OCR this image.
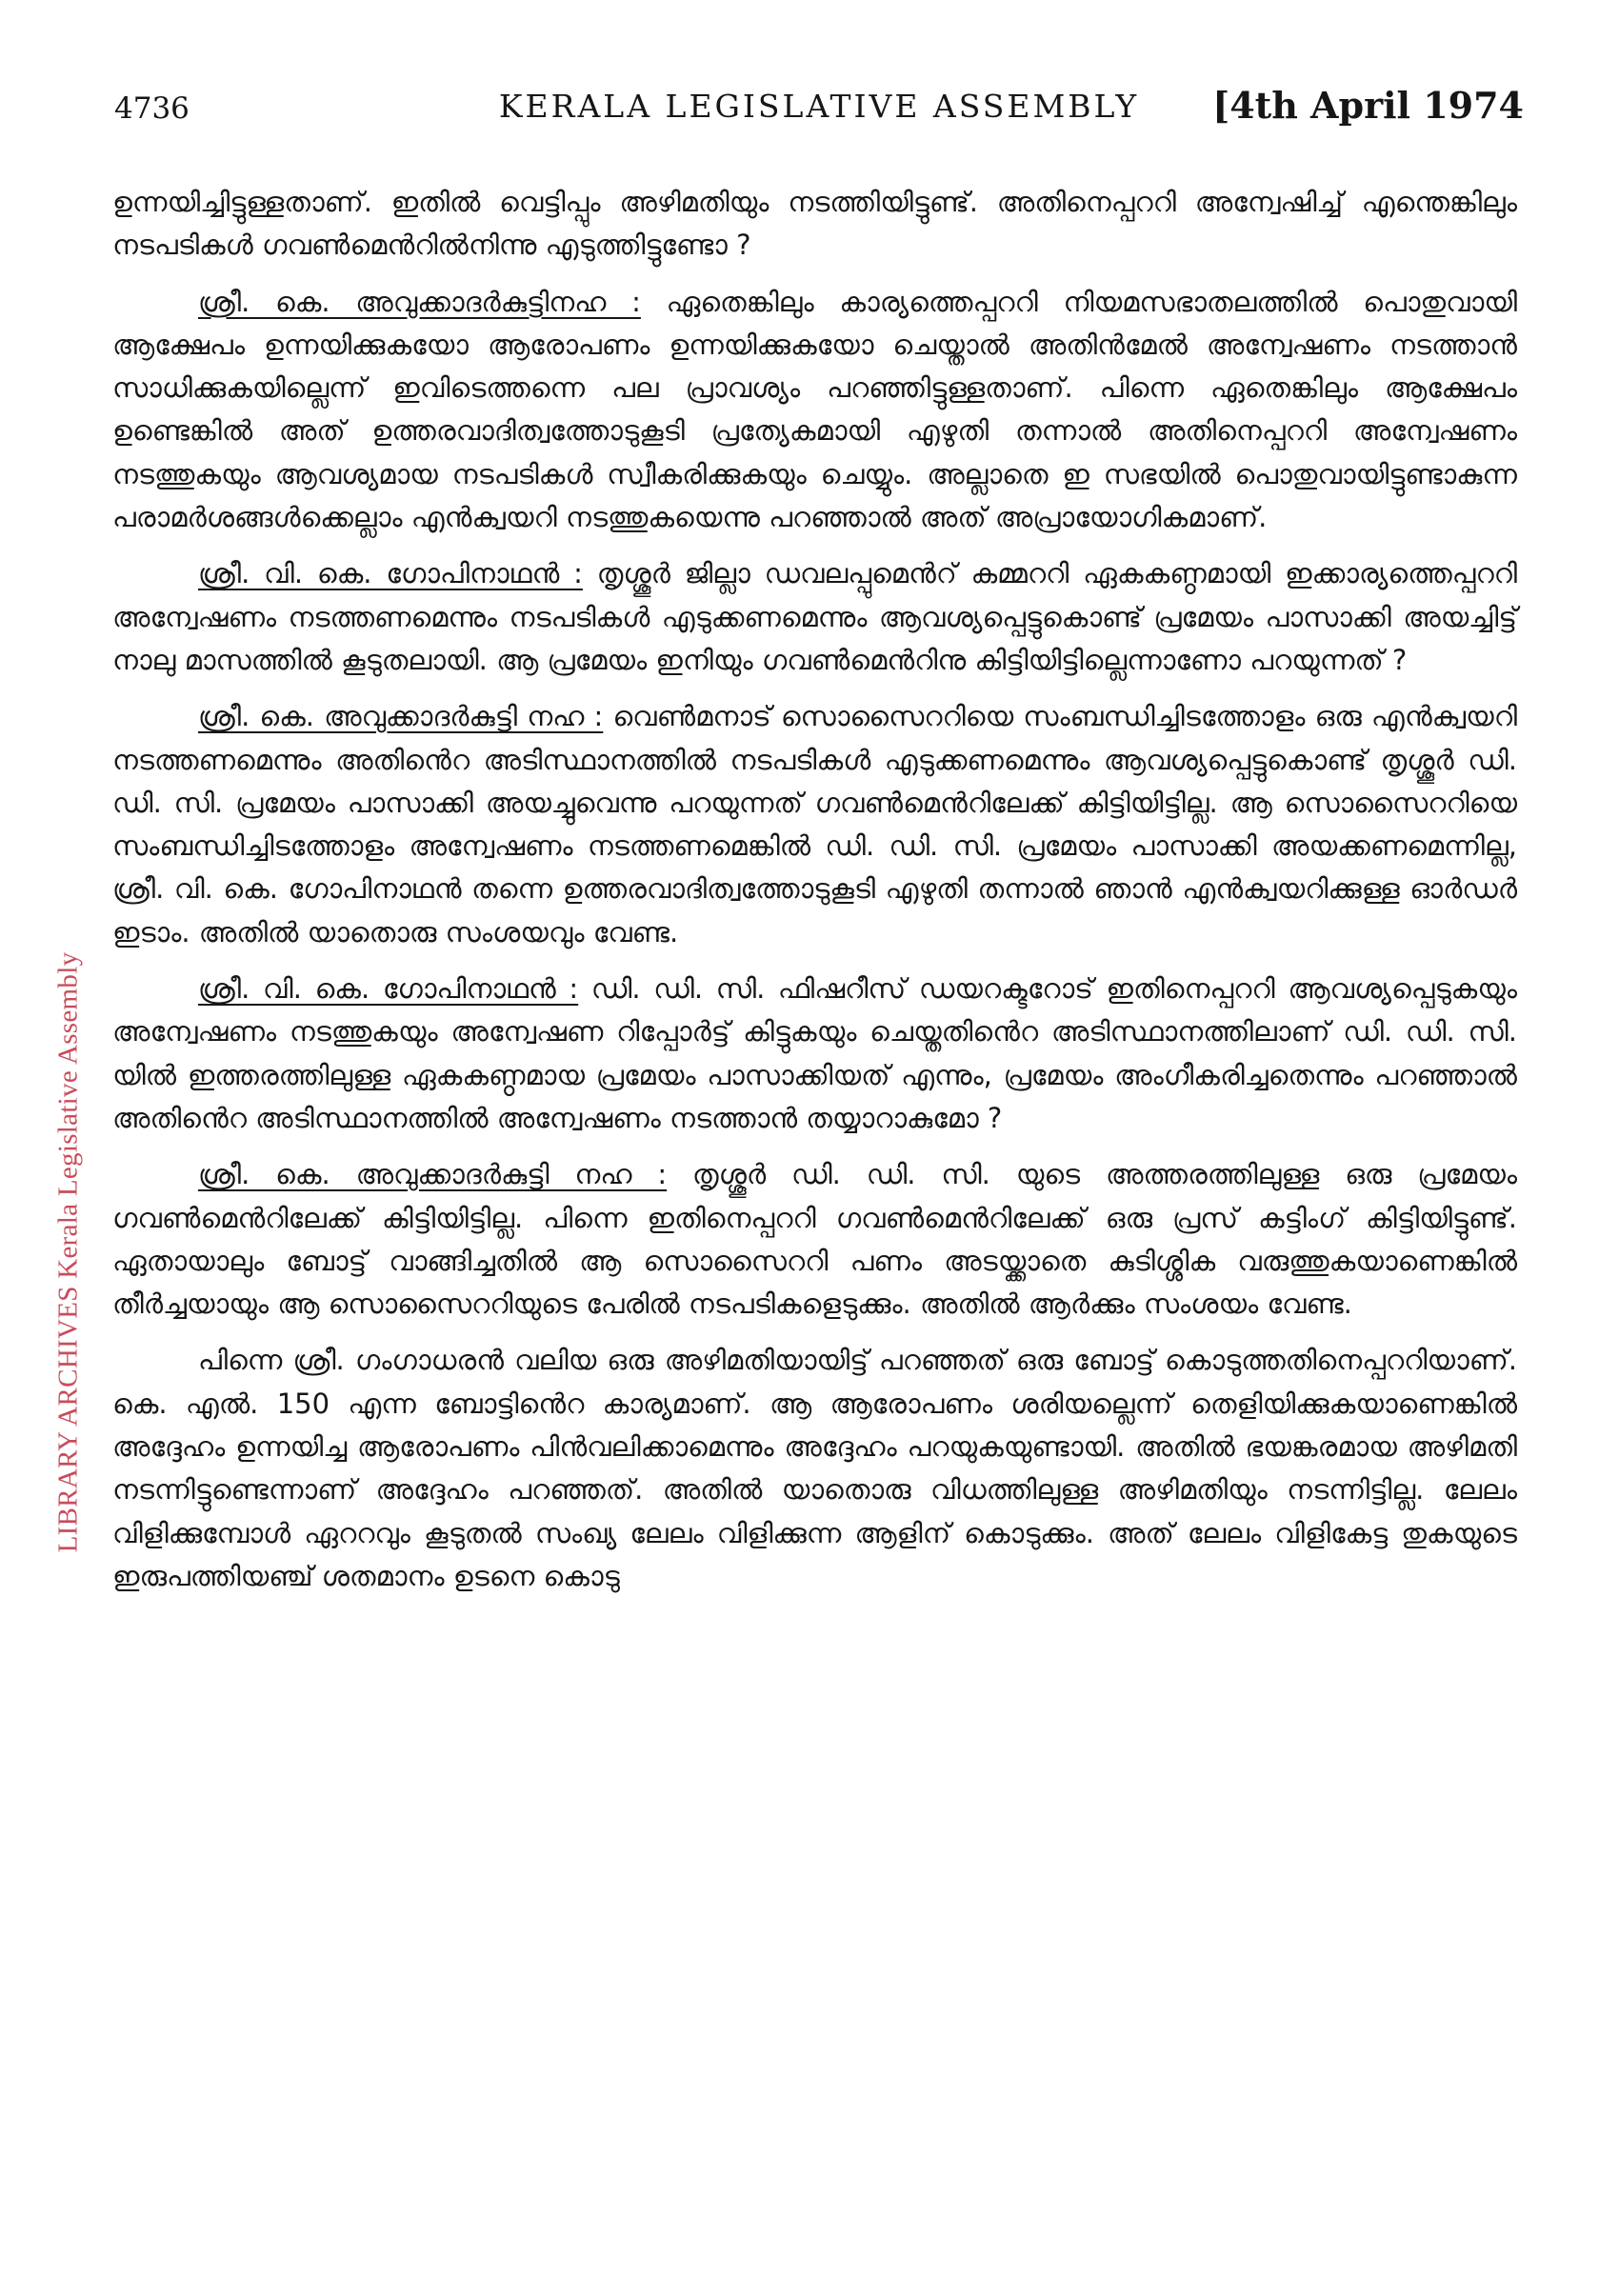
4736	KERALA LEGISLATIVE ASSEMBLY	[4th April 1974
LIBRARY ARCHIVES Kerala Legislative Assembly

ഉന്നയിച്ചിട്ടുള്ളതാണ്. ഇതിൽ വെട്ടിപ്പും അഴിമതിയും നടത്തിയിട്ടുണ്ട്. അതിനെപ്പററി അന്വേഷിച്ച് എന്തെങ്കിലും നടപടികൾ ഗവൺമെൻറിൽനിന്നു എടുത്തിട്ടുണ്ടോ ?

ശ്രീ. കെ. അവുക്കാദർകുട്ടിനഹ : ഏതെങ്കിലും കാര്യത്തെപ്പററി നിയമസഭാതലത്തിൽ പൊതുവായി ആക്ഷേപം ഉന്നയിക്കുകയോ ആരോപണം ഉന്നയിക്കുകയോ ചെയ്താൽ അതിൻമേൽ അന്വേഷണം നടത്താൻ സാധിക്കുകയില്ലെന്ന് ഇവിടെത്തന്നെ പല പ്രാവശ്യം പറഞ്ഞിട്ടുള്ളതാണ്. പിന്നെ ഏതെങ്കിലും ആക്ഷേപം ഉണ്ടെങ്കിൽ അത് ഉത്തരവാദിത്വത്തോടുകൂടി പ്രത്യേകമായി എഴുതി തന്നാൽ അതിനെപ്പററി അന്വേഷണം നടത്തുകയും ആവശ്യമായ നടപടികൾ സ്വീകരിക്കുകയും ചെയ്യും. അല്ലാതെ ഇ സഭയിൽ പൊതുവായിട്ടുണ്ടാകുന്ന പരാമർശങ്ങൾക്കെല്ലാം എൻക്വയറി നടത്തുകയെന്നു പറഞ്ഞാൽ അത് അപ്രായോഗികമാണ്.

ശ്രീ. വി. കെ. ഗോപിനാഥൻ : തൃശ്ശൂർ ജില്ലാ ഡവലപ്പുമെൻറ് കമ്മററി ഏകകണ്ഠമായി ഇക്കാര്യത്തെപ്പററി അന്വേഷണം നടത്തണമെന്നും നടപടികൾ എടുക്കണമെന്നും ആവശ്യപ്പെട്ടുകൊണ്ട് പ്രമേയം പാസാക്കി അയച്ചിട്ട് നാലു മാസത്തിൽ കൂടുതലായി. ആ പ്രമേയം ഇനിയും ഗവൺമെൻറിനു കിട്ടിയിട്ടില്ലെന്നാണോ പറയുന്നത് ?

ശ്രീ. കെ. അവുക്കാദർകുട്ടി നഹ : വെൺമനാട് സൊസൈററിയെ സംബന്ധിച്ചിടത്തോളം ഒരു എൻക്വയറി നടത്തണമെന്നും അതിൻെറ അടിസ്ഥാനത്തിൽ നടപടികൾ എടുക്കണമെന്നും ആവശ്യപ്പെട്ടുകൊണ്ട് തൃശ്ശൂർ ഡി. ഡി. സി. പ്രമേയം പാസാക്കി അയച്ചുവെന്നു പറയുന്നത് ഗവൺമെൻറിലേക്ക് കിട്ടിയിട്ടില്ല. ആ സൊസൈററിയെ സംബന്ധിച്ചിടത്തോളം അന്വേഷണം നടത്തണമെങ്കിൽ ഡി. ഡി. സി. പ്രമേയം പാസാക്കി അയക്കണമെന്നില്ല, ശ്രീ. വി. കെ. ഗോപിനാഥൻ തന്നെ ഉത്തരവാദിത്വത്തോടുകൂടി എഴുതി തന്നാൽ ഞാൻ എൻക്വയറിക്കുള്ള ഓർഡർ ഇടാം. അതിൽ യാതൊരു സംശയവും വേണ്ട.

ശ്രീ. വി. കെ. ഗോപിനാഥൻ : ഡി. ഡി. സി. ഫിഷറീസ് ഡയറക്ടറോട് ഇതിനെപ്പററി ആവശ്യപ്പെടുകയും അന്വേഷണം നടത്തുകയും അന്വേഷണ റിപ്പോർട്ട് കിട്ടുകയും ചെയ്തതിൻെറ അടിസ്ഥാനത്തിലാണ് ഡി. ഡി. സി. യിൽ ഇത്തരത്തിലുള്ള ഏകകണ്ഠമായ പ്രമേയം പാസാക്കിയത് എന്നും, പ്രമേയം അംഗീകരിച്ചതെന്നും പറഞ്ഞാൽ അതിൻെറ അടിസ്ഥാനത്തിൽ അന്വേഷണം നടത്താൻ തയ്യാറാകുമോ ?

ശ്രീ. കെ. അവുക്കാദർകുട്ടി നഹ : തൃശ്ശൂർ ഡി. ഡി. സി. യുടെ അത്തരത്തിലുള്ള ഒരു പ്രമേയം ഗവൺമെൻറിലേക്ക് കിട്ടിയിട്ടില്ല. പിന്നെ ഇതിനെപ്പററി ഗവൺമെൻറിലേക്ക് ഒരു പ്രസ് കട്ടിംഗ് കിട്ടിയിട്ടുണ്ട്. ഏതായാലും ബോട്ട് വാങ്ങിച്ചതിൽ ആ സൊസൈററി പണം അടയ്ക്കാതെ കുടിശ്ശിക വരുത്തുകയാണെങ്കിൽ തീർച്ചയായും ആ സൊസൈററിയുടെ പേരിൽ നടപടികളെടുക്കും. അതിൽ ആർക്കും സംശയം വേണ്ട.

പിന്നെ ശ്രീ. ഗംഗാധരൻ വലിയ ഒരു അഴിമതിയായിട്ട് പറഞ്ഞത് ഒരു ബോട്ട് കൊടുത്തതിനെപ്പററിയാണ്. കെ. എൽ. 150 എന്ന ബോട്ടിൻെറ കാര്യമാണ്. ആ ആരോപണം ശരിയല്ലെന്ന് തെളിയിക്കുകയാണെങ്കിൽ അദ്ദേഹം ഉന്നയിച്ച ആരോപണം പിൻവലിക്കാമെന്നും അദ്ദേഹം പറയുകയുണ്ടായി. അതിൽ ഭയങ്കരമായ അഴിമതി നടന്നിട്ടുണ്ടെന്നാണ് അദ്ദേഹം പറഞ്ഞത്. അതിൽ യാതൊരു വിധത്തിലുള്ള അഴിമതിയും നടന്നിട്ടില്ല. ലേലം വിളിക്കുമ്പോൾ ഏററവും കൂടുതൽ സംഖ്യ ലേലം വിളിക്കുന്ന ആളിന് കൊടുക്കും. അത് ലേലം വിളികേട്ട തുകയുടെ ഇരുപത്തിയഞ്ച് ശതമാനം ഉടനെ കൊടു
